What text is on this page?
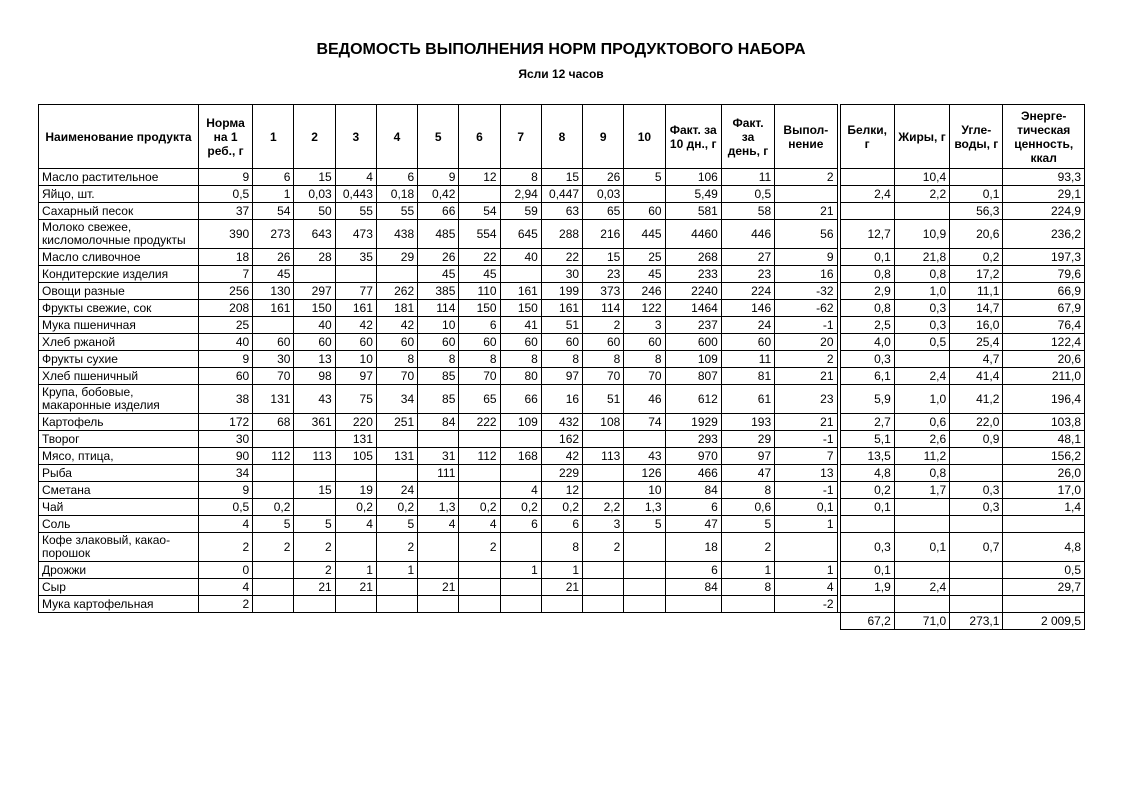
ВЕДОМОСТЬ ВЫПОЛНЕНИЯ НОРМ ПРОДУКТОВОГО НАБОРА
Ясли 12 часов
Наименование продукта	Норма на 1 реб., г	1	2	3	4	5	6	7	8	9	10	Факт. за 10 дн., г	Факт. за день, г	Выпол-нение		Белки, г	Жиры, г	Угле-воды, г	Энерге-тическая ценность, ккал
Масло растительное	9	6	15	4	6	9	12	8	15	26	5	106	11	2			10,4		93,3
Яйцо, шт.	0,5	1	0,03	0,443	0,18	0,42		2,94	0,447	0,03		5,49	0,5			2,4	2,2	0,1	29,1
Сахарный песок	37	54	50	55	55	66	54	59	63	65	60	581	58	21				56,3	224,9
Молоко свежее, кисломолочные продукты	390	273	643	473	438	485	554	645	288	216	445	4460	446	56		12,7	10,9	20,6	236,2
Масло сливочное	18	26	28	35	29	26	22	40	22	15	25	268	27	9		0,1	21,8	0,2	197,3
Кондитерские изделия	7	45				45	45		30	23	45	233	23	16		0,8	0,8	17,2	79,6
Овощи разные	256	130	297	77	262	385	110	161	199	373	246	2240	224	-32		2,9	1,0	11,1	66,9
Фрукты свежие, сок	208	161	150	161	181	114	150	150	161	114	122	1464	146	-62		0,8	0,3	14,7	67,9
Мука пшеничная	25		40	42	42	10	6	41	51	2	3	237	24	-1		2,5	0,3	16,0	76,4
Хлеб ржаной	40	60	60	60	60	60	60	60	60	60	60	600	60	20		4,0	0,5	25,4	122,4
Фрукты сухие	9	30	13	10	8	8	8	8	8	8	8	109	11	2		0,3		4,7	20,6
Хлеб пшеничный	60	70	98	97	70	85	70	80	97	70	70	807	81	21		6,1	2,4	41,4	211,0
Крупа, бобовые, макаронные изделия	38	131	43	75	34	85	65	66	16	51	46	612	61	23		5,9	1,0	41,2	196,4
Картофель	172	68	361	220	251	84	222	109	432	108	74	1929	193	21		2,7	0,6	22,0	103,8
Творог	30			131					162			293	29	-1		5,1	2,6	0,9	48,1
Мясо, птица,	90	112	113	105	131	31	112	168	42	113	43	970	97	7		13,5	11,2		156,2
Рыба	34					111			229		126	466	47	13		4,8	0,8		26,0
Сметана	9		15	19	24			4	12		10	84	8	-1		0,2	1,7	0,3	17,0
Чай	0,5	0,2		0,2	0,2	1,3	0,2	0,2	0,2	2,2	1,3	6	0,6	0,1		0,1		0,3	1,4
Соль	4	5	5	4	5	4	4	6	6	3	5	47	5	1					
Кофе злаковый, какао-порошок	2	2	2		2		2		8	2		18	2			0,3	0,1	0,7	4,8
Дрожжи	0		2	1	1			1	1			6	1	1		0,1			0,5
Сыр	4		21	21		21			21			84	8	4		1,9	2,4		29,7
Мука картофельная	2													-2					
																67,2	71,0	273,1	2 009,5
